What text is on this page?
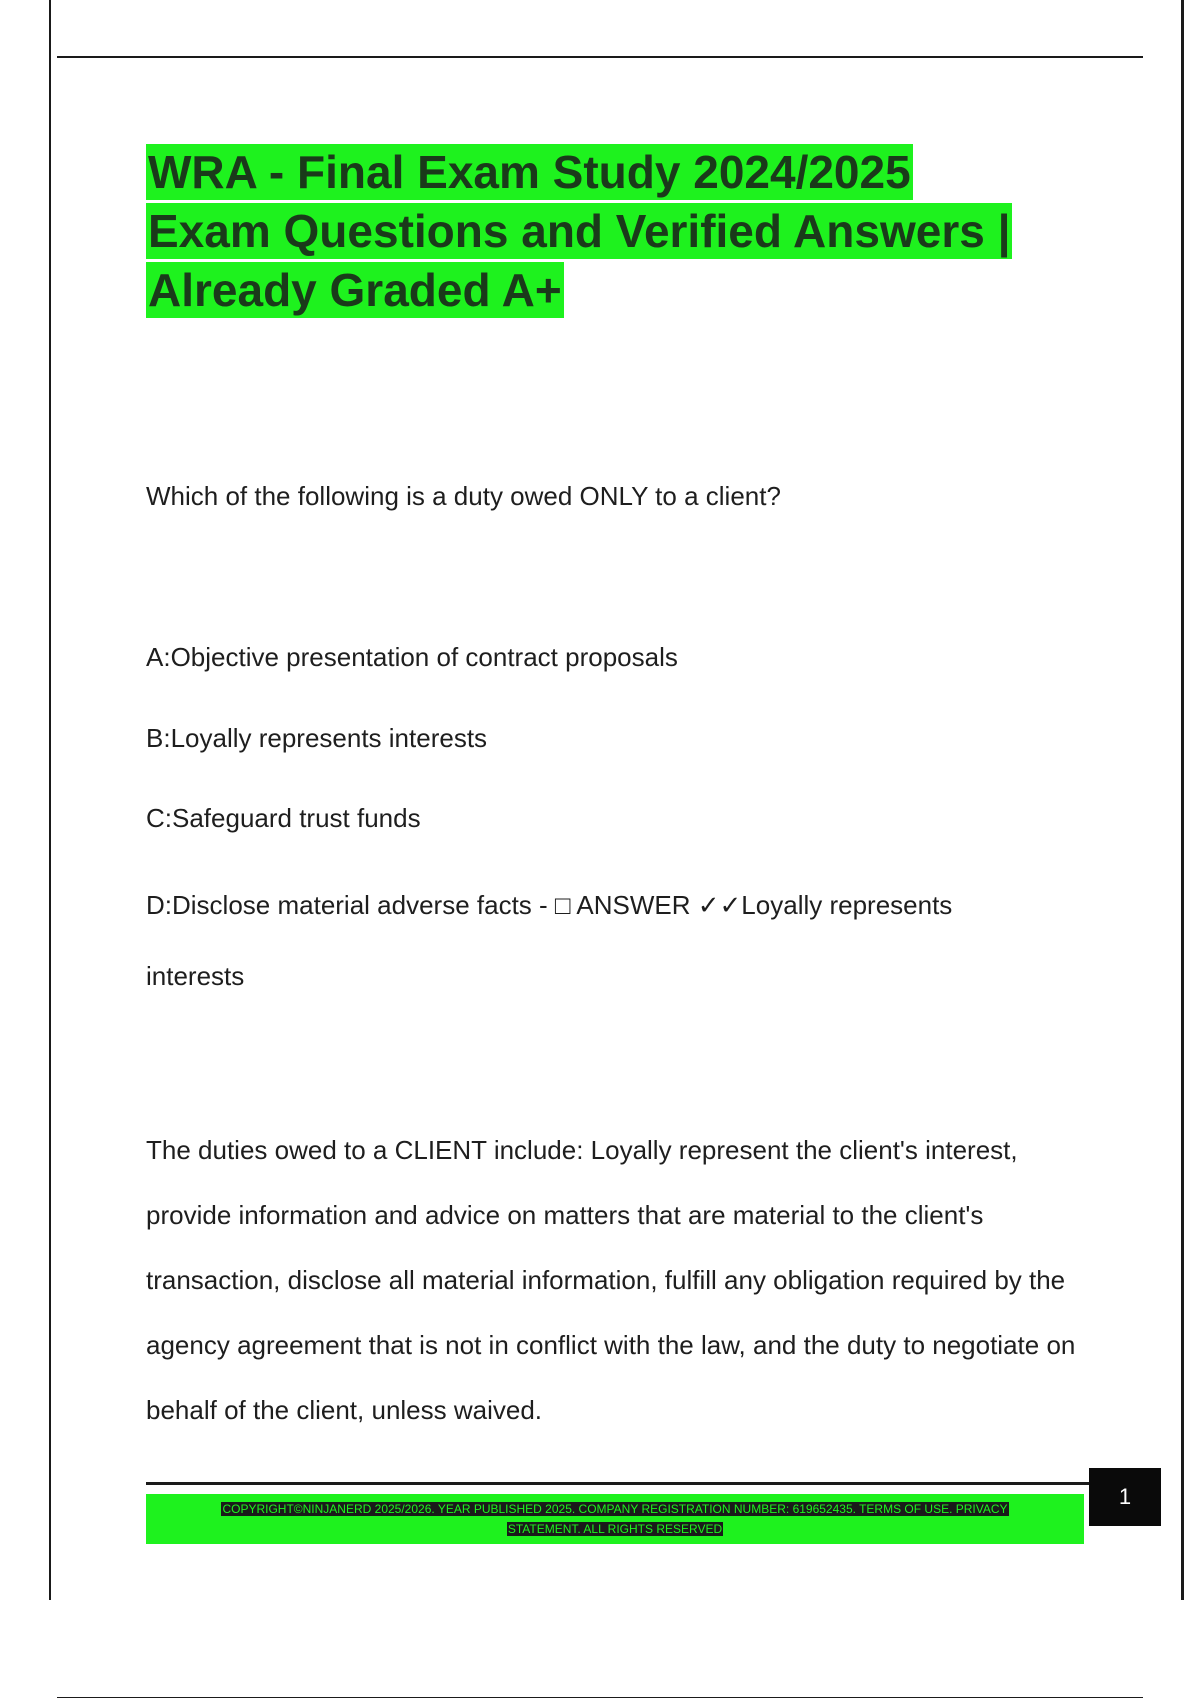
WRA - Final Exam Study 2024/2025
Exam Questions and Verified Answers |
Already Graded A+

Which of the following is a duty owed ONLY to a client?

A:Objective presentation of contract proposals

B:Loyally represents interests

C:Safeguard trust funds

D:Disclose material adverse facts - □ ANSWER ✓✓Loyally represents

interests

The duties owed to a CLIENT include: Loyally represent the client's interest, provide information and advice on matters that are material to the client's transaction, disclose all material information, fulfill any obligation required by the agency agreement that is not in conflict with the law, and the duty to negotiate on behalf of the client, unless waived.

COPYRIGHT©NINJANERD 2025/2026. YEAR PUBLISHED 2025. COMPANY REGISTRATION NUMBER: 619652435. TERMS OF USE. PRIVACY
STATEMENT. ALL RIGHTS RESERVED
1
